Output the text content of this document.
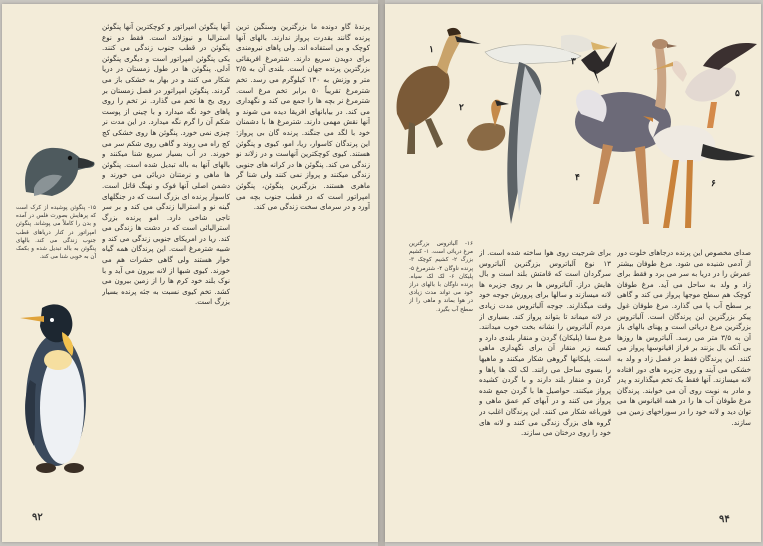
پرندهٔ گاو دونده ما بزرگترین وسنگین ترین پرنده گانند بقدرت پرواز ندارند. بالهای آنها کوچک و بی استفاده اند. ولی پاهای نیرومندی برای دویدن سریع دارند. شترمرغ افریقائی بزرگترین پرنده جهان است. بلندی آن به ۲/۵ متر و وزنش به ۱۳۰ کیلوگرم می رسد. تخم شترمرغ تقریباً ۵۰ برابر تخم مرغ است. شترمرغ نر بچه ها را جمع می کند و نگهداری می کند. در بیابانهای افریقا دیده می شوند و آنها نقش مهمی دارند. شترمرغ ها با دشمنان خود با لگد می جنگند. پرنده گان بی پرواز: این پرندگان کاسوار، ریا، امو، کیوی و پنگوئن هستند. کیوی کوچکترین آنهاست و در زلاند نو زندگی می کند. پنگوئن ها در کرانه های جنوبی زندگی میکنند و پرواز نمی کنند ولی شنا گر ماهری هستند. بزرگترین پنگوئن، پنگوئن امپراتور است که در قطب جنوب بچه می آورد و در سرمای سخت زندگی می کند.
آنها پنگوئن امپراتور و کوچکترین آنها پنگوئن استرالیا و نیوزلاند است. فقط دو نوع پنگوئن در قطب جنوب زندگی می کنند. یکی پنگوئن امپراتور است و دیگری پنگوئن آدلی. پنگوئن ها در طول زمستان در دریا شکار می کنند و در بهار به خشکی باز می گردند. پنگوئن امپراتور در فصل زمستان بر روی یخ ها تخم می گذارد. نر تخم را روی پاهای خود نگه میدارد و با چینی از پوست شکم آن را گرم نگه میدارد. در این مدت نر چیزی نمی خورد. پنگوئن ها روی خشکی کج کج راه می روند و گاهی روی شکم سر می خورند. در آب بسیار سریع شنا میکنند و بالهای آنها به باله تبدیل شده است. پنگوئن ها ماهی و نرمتنان دریائی می خورند و دشمن اصلی آنها فوک و نهنگ قاتل است. کاسوار پرنده ای بزرگ است که در جنگلهای گینه نو و استرالیا زندگی می کند و بر سر تاجی شاخی دارد. امو پرنده بزرگ استرالیائی است که در دشت ها زندگی می کند. ریا در امریکای جنوبی زندگی می کند و شبیه شترمرغ است. این پرندگان همه گیاه خوار هستند ولی گاهی حشرات هم می خورند. کیوی شبها از لانه بیرون می آید و با نوک بلند خود کرم ها را از زمین بیرون می کشد. تخم کیوی نسبت به جثه پرنده بسیار بزرگ است.
۱۵- پنگوئن پوشیده از کرک است که پرهایش بصورت فلس در آمده و بدن را کاملاً می پوشاند. پنگوئن امپراتور در کنار دریاهای قطب جنوب زندگی می کند. بالهای پنگوئن به باله تبدیل شده و بکمک آن به خوبی شنا می کند.
۹۲
۱
۲
۳
۴
۵
۶
صدای مخصوص این پرنده درجاهای خلوت دور از آدمی شنیده می شود. مرغ طوفان بیشتر عمرش را در دریا به سر می برد و فقط برای زاد و ولد به ساحل می آید. مرغ طوفان کوچک هم سطح موجها پرواز می کند و گاهی بر سطح آب پا می گذارد. مرغ طوفان غول پیکر بزرگترین این پرندگان است. آلباتروس بزرگترین مرغ دریائی است و پهنای بالهای باز آن به ۳/۵ متر می رسد. آلباتروس ها روزها بی آنکه بال بزنند بر فراز اقیانوسها پرواز می کنند. این پرندگان فقط در فصل زاد و ولد به خشکی می آیند و روی جزیره های دور افتاده لانه میسازند. آنها فقط یک تخم میگذارند و پدر و مادر به نوبت روی آن می خوابند. پرندگان مرغ طوفان آب ها را در همه اقیانوس ها می توان دید و لانه خود را در سوراخهای زمین می سازند.
برای شرجیت روی هوا ساخته شده است. از ۱۳ نوع آلباتروس بزرگترین آلباتروس سرگردان است که قامتش بلند است و بال هایش دراز. آلباتروس ها بر روی جزیره ها لانه میسازند و سالها برای پرورش جوجه خود وقت میگذارند. جوجه آلباتروس مدت زیادی در لانه میماند تا بتواند پرواز کند. بسیاری از مردم آلباتروس را نشانه بخت خوب میدانند. مرغ سقا (پلیکان) گردن و منقار بلندی دارد و کیسه زیر منقار آن برای نگهداری ماهی است. پلیکانها گروهی شکار میکنند و ماهیها را بسوی ساحل می رانند. لک لک ها پاها و گردن و منقار بلند دارند و با گردن کشیده پرواز میکنند. حواصیل ها با گردن جمع شده پرواز می کنند و در آبهای کم عمق ماهی و قورباغه شکار می کنند. این پرندگان اغلب در گروه های بزرگ زندگی می کنند و لانه های خود را روی درختان می سازند.
۱۶- آلباتروس بزرگترین مرغ دریائی است. ۱- کشیم بزرگ ۲- کشیم کوچک ۳- پرنده ناوگان ۴- شترمرغ ۵- پلیکان ۶- لک لک سیاه. پرنده ناوگان با بالهای دراز خود می تواند مدت زیادی در هوا بماند و ماهی را از سطح آب بگیرد.
۹۴
